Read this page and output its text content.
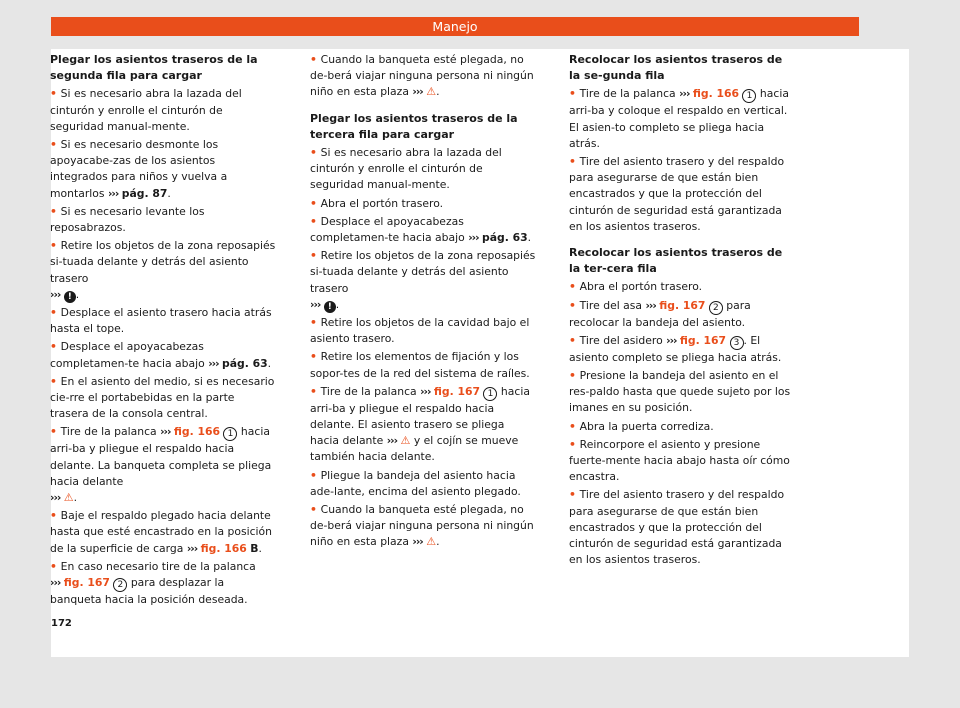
Manejo
Plegar los asientos traseros de la segunda fila para cargar

• Si es necesario abra la lazada del cinturón y enrolle el cinturón de seguridad manual-mente.

• Si es necesario desmonte los apoyacabe-zas de los asientos integrados para niños y vuelva a montarlos ››› pág. 87.

• Si es necesario levante los reposabrazos.

• Retire los objetos de la zona reposapiés si-tuada delante y detrás del asiento trasero
››› ! .

• Desplace el asiento trasero hacia atrás hasta el tope.

• Desplace el apoyacabezas completamen-te hacia abajo ››› pág. 63.

• En el asiento del medio, si es necesario cie-rre el portabebidas en la parte trasera de la consola central.

• Tire de la palanca ››› fig. 166 1 hacia arri-ba y pliegue el respaldo hacia delante. La banqueta completa se pliega hacia delante
››› ⚠.

• Baje el respaldo plegado hacia delante hasta que esté encastrado en la posición de la superficie de carga ››› fig. 166 B.

• En caso necesario tire de la palanca
››› fig. 167 2 para desplazar la banqueta hacia la posición deseada.

• Cuando la banqueta esté plegada, no de-berá viajar ninguna persona ni ningún niño en esta plaza ››› ⚠.

Plegar los asientos traseros de la tercera fila para cargar

• Si es necesario abra la lazada del cinturón y enrolle el cinturón de seguridad manual-mente.

• Abra el portón trasero.

• Desplace el apoyacabezas completamen-te hacia abajo ››› pág. 63.

• Retire los objetos de la zona reposapiés si-tuada delante y detrás del asiento trasero
››› ! .

• Retire los objetos de la cavidad bajo el asiento trasero.

• Retire los elementos de fijación y los sopor-tes de la red del sistema de raíles.

• Tire de la palanca ››› fig. 167 1 hacia arri-ba y pliegue el respaldo hacia delante. El asiento trasero se pliega hacia delante ››› ⚠ y el cojín se mueve también hacia delante.

• Pliegue la bandeja del asiento hacia ade-lante, encima del asiento plegado.

• Cuando la banqueta esté plegada, no de-berá viajar ninguna persona ni ningún niño en esta plaza ››› ⚠.

Recolocar los asientos traseros de la se-gunda fila

• Tire de la palanca ››› fig. 166 1 hacia arri-ba y coloque el respaldo en vertical. El asien-to completo se pliega hacia atrás.

• Tire del asiento trasero y del respaldo para asegurarse de que están bien encastrados y que la protección del cinturón de seguridad está garantizada en los asientos traseros.

Recolocar los asientos traseros de la ter-cera fila

• Abra el portón trasero.

• Tire del asa ››› fig. 167 2 para recolocar la bandeja del asiento.

• Tire del asidero ››› fig. 167 3 . El asiento completo se pliega hacia atrás.

• Presione la bandeja del asiento en el res-paldo hasta que quede sujeto por los imanes en su posición.

• Abra la puerta corrediza.

• Reincorpore el asiento y presione fuerte-mente hacia abajo hasta oír cómo encastra.

• Tire del asiento trasero y del respaldo para asegurarse de que están bien encastrados y que la protección del cinturón de seguridad está garantizada en los asientos traseros.

172
